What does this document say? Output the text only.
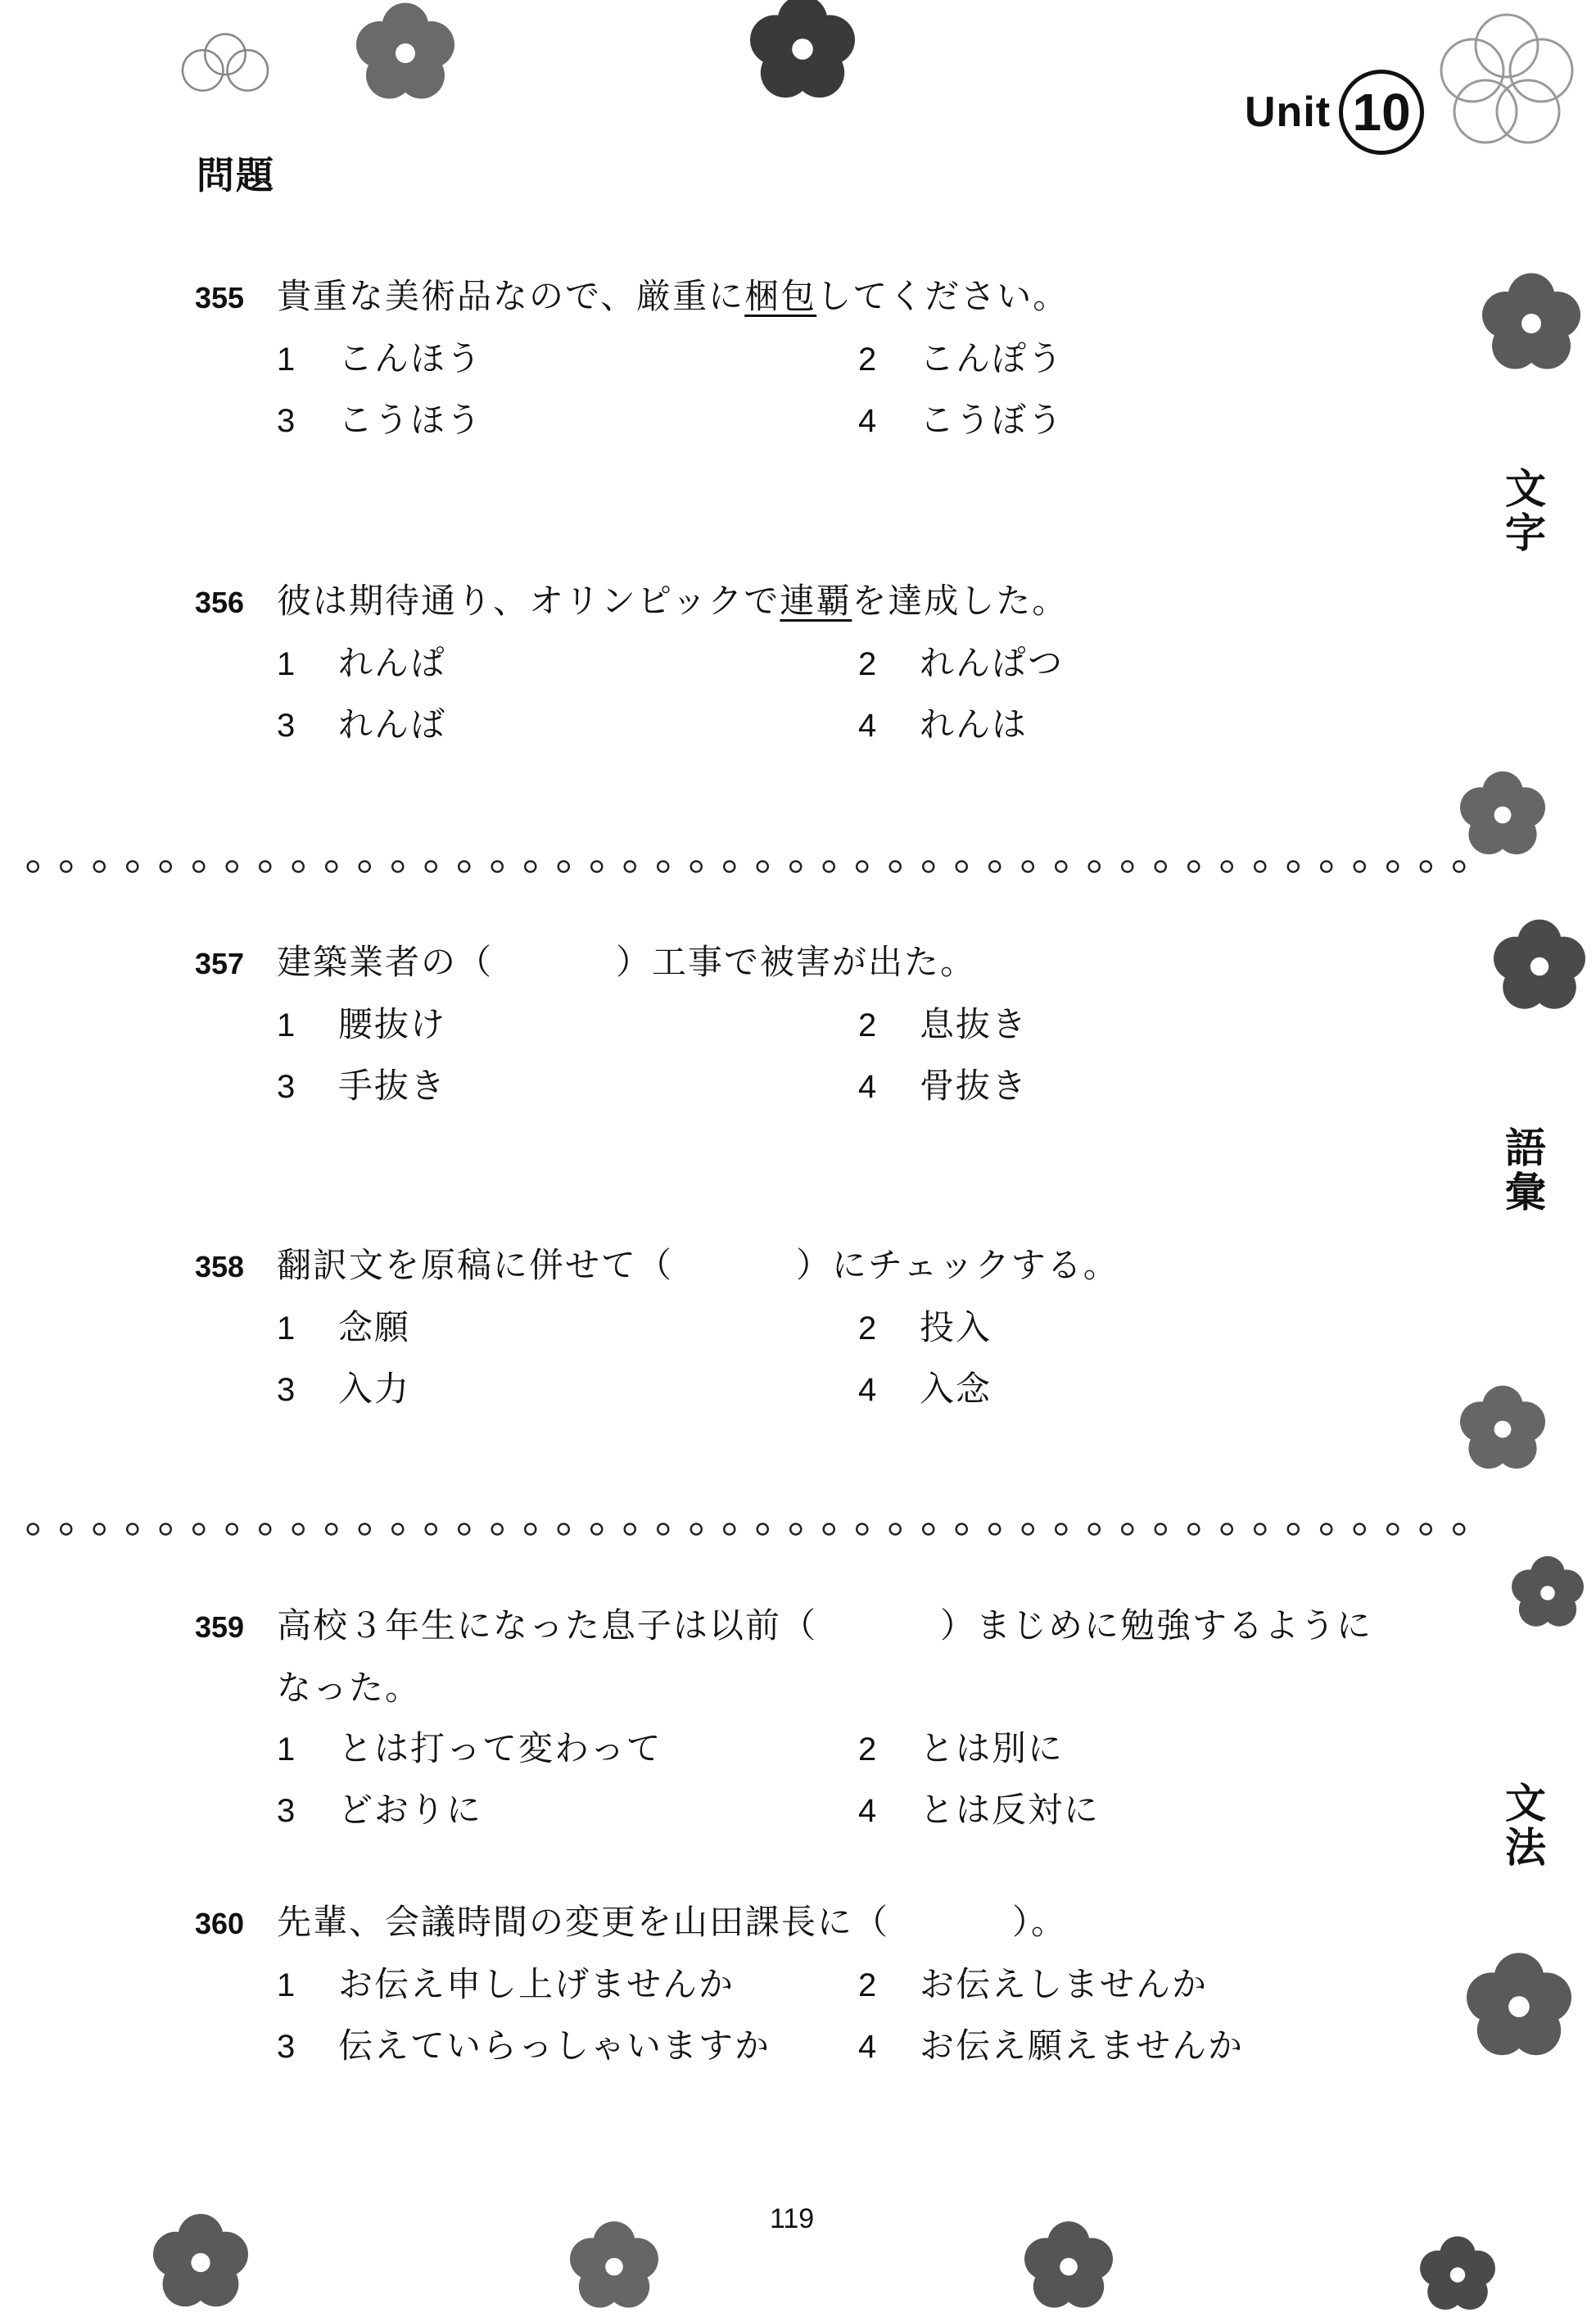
Unit 10
問題
文字
語彙
文法
355 貴重な美術品なので、厳重に梱包してください。
1	こんほう	2	こんぽう
3	こうほう	4	こうぼう
356 彼は期待通り、オリンピックで連覇を達成した。
1	れんぱ	2	れんぱつ
3	れんば	4	れんは
357 建築業者の（	）工事で被害が出た。
1	腰抜け	2	息抜き
3	手抜き	4	骨抜き
358 翻訳文を原稿に併せて（	）にチェックする。
1	念願	2	投入
3	入力	4	入念
359 高校３年生になった息子は以前（	）まじめに勉強するように
なった。
1	とは打って変わって	2	とは別に
3	どおりに	4	とは反対に
360 先輩、会議時間の変更を山田課長に（	）。
1	お伝え申し上げませんか	2	お伝えしませんか
3	伝えていらっしゃいますか	4	お伝え願えませんか
119
